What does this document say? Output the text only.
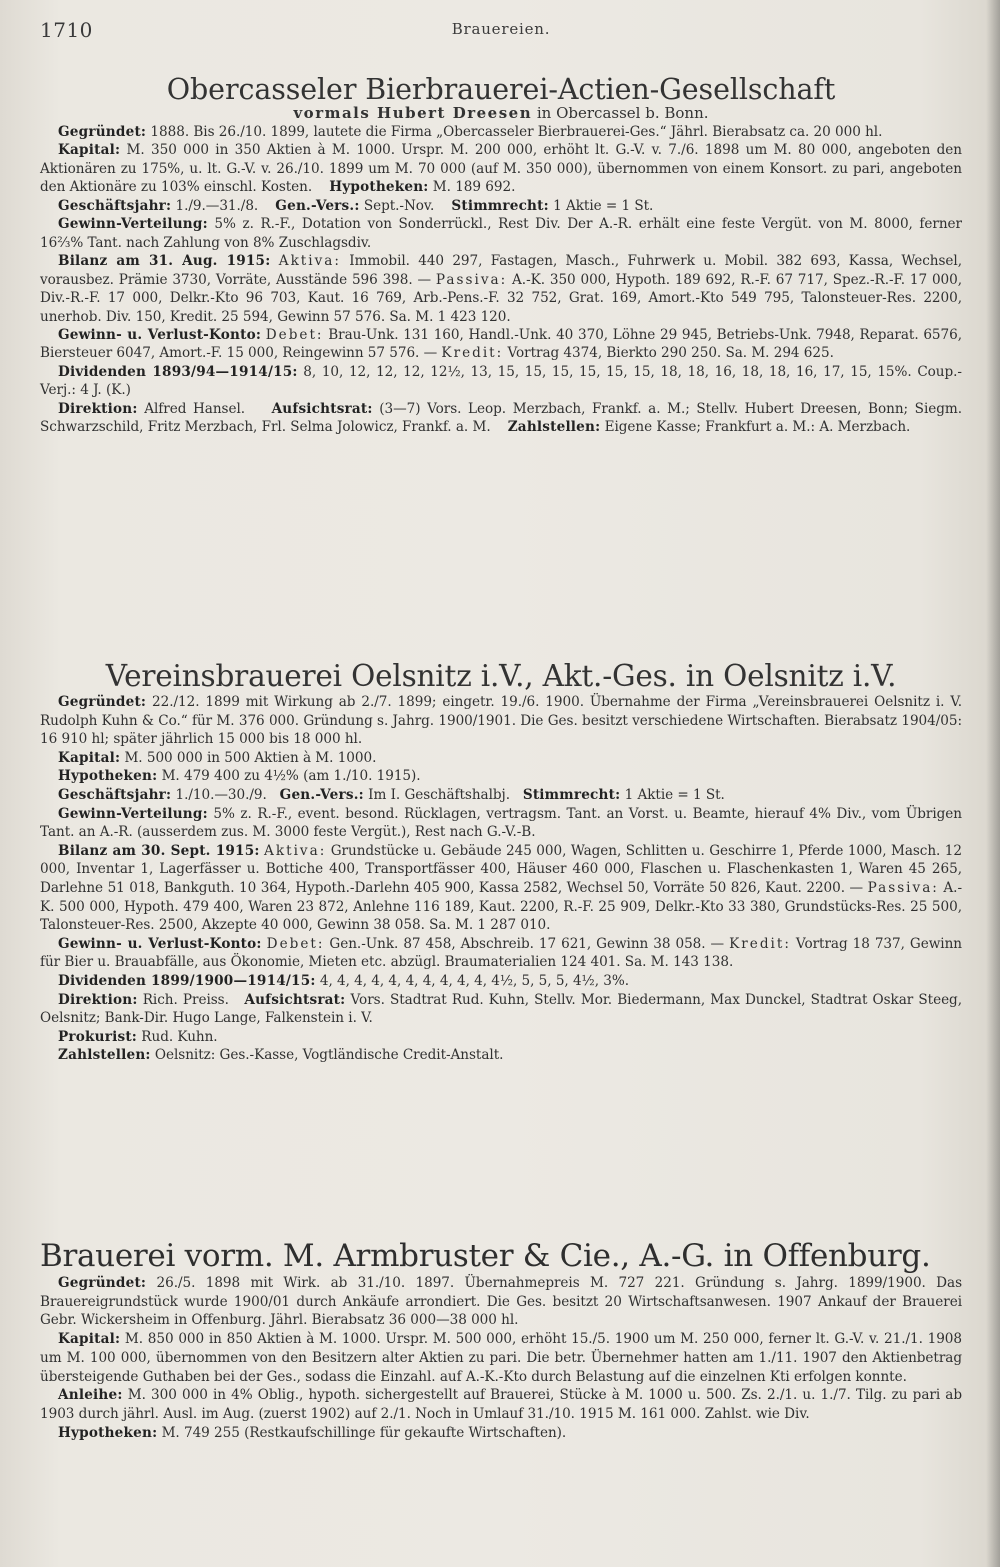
1710	Brauereien.
Obercasseler Bierbrauerei-Actien-Gesellschaft
vormals Hubert Dreesen in Obercassel b. Bonn.

Gegründet: 1888. Bis 26./10. 1899, lautete die Firma „Obercasseler Bierbrauerei-Ges.“ Jährl. Bierabsatz ca. 20 000 hl.

Kapital: M. 350 000 in 350 Aktien à M. 1000. Urspr. M. 200 000, erhöht lt. G.-V. v. 7./6. 1898 um M. 80 000, angeboten den Aktionären zu 175%, u. lt. G.-V. v. 26./10. 1899 um M. 70 000 (auf M. 350 000), übernommen von einem Konsort. zu pari, angeboten den Aktionäre zu 103% einschl. Kosten. Hypotheken: M. 189 692.

Geschäftsjahr: 1./9.—31./8. Gen.-Vers.: Sept.-Nov. Stimmrecht: 1 Aktie = 1 St.

Gewinn-Verteilung: 5% z. R.-F., Dotation von Sonderrückl., Rest Div. Der A.-R. erhält eine feste Vergüt. von M. 8000, ferner 16⅔% Tant. nach Zahlung von 8% Zuschlagsdiv.

Bilanz am 31. Aug. 1915: Aktiva: Immobil. 440 297, Fastagen, Masch., Fuhrwerk u. Mobil. 382 693, Kassa, Wechsel, vorausbez. Prämie 3730, Vorräte, Ausstände 596 398. — Passiva: A.-K. 350 000, Hypoth. 189 692, R.-F. 67 717, Spez.-R.-F. 17 000, Div.-R.-F. 17 000, Delkr.-Kto 96 703, Kaut. 16 769, Arb.-Pens.-F. 32 752, Grat. 169, Amort.-Kto 549 795, Talonsteuer-Res. 2200, unerhob. Div. 150, Kredit. 25 594, Gewinn 57 576. Sa. M. 1 423 120.

Gewinn- u. Verlust-Konto: Debet: Brau-Unk. 131 160, Handl.-Unk. 40 370, Löhne 29 945, Betriebs-Unk. 7948, Reparat. 6576, Biersteuer 6047, Amort.-F. 15 000, Reingewinn 57 576. — Kredit: Vortrag 4374, Bierkto 290 250. Sa. M. 294 625.

Dividenden 1893/94—1914/15: 8, 10, 12, 12, 12, 12½, 13, 15, 15, 15, 15, 15, 15, 18, 18, 16, 18, 18, 16, 17, 15, 15%. Coup.-Verj.: 4 J. (K.)

Direktion: Alfred Hansel. Aufsichtsrat: (3—7) Vors. Leop. Merzbach, Frankf. a. M.; Stellv. Hubert Dreesen, Bonn; Siegm. Schwarzschild, Fritz Merzbach, Frl. Selma Jolowicz, Frankf. a. M. Zahlstellen: Eigene Kasse; Frankfurt a. M.: A. Merzbach.

Vereinsbrauerei Oelsnitz i.V., Akt.-Ges. in Oelsnitz i.V.

Gegründet: 22./12. 1899 mit Wirkung ab 2./7. 1899; eingetr. 19./6. 1900. Übernahme der Firma „Vereinsbrauerei Oelsnitz i. V. Rudolph Kuhn & Co.“ für M. 376 000. Gründung s. Jahrg. 1900/1901. Die Ges. besitzt verschiedene Wirtschaften. Bierabsatz 1904/05: 16 910 hl; später jährlich 15 000 bis 18 000 hl.

Kapital: M. 500 000 in 500 Aktien à M. 1000.

Hypotheken: M. 479 400 zu 4½% (am 1./10. 1915).

Geschäftsjahr: 1./10.—30./9. Gen.-Vers.: Im I. Geschäftshalbj. Stimmrecht: 1 Aktie = 1 St.

Gewinn-Verteilung: 5% z. R.-F., event. besond. Rücklagen, vertragsm. Tant. an Vorst. u. Beamte, hierauf 4% Div., vom Übrigen Tant. an A.-R. (ausserdem zus. M. 3000 feste Vergüt.), Rest nach G.-V.-B.

Bilanz am 30. Sept. 1915: Aktiva: Grundstücke u. Gebäude 245 000, Wagen, Schlitten u. Geschirre 1, Pferde 1000, Masch. 12 000, Inventar 1, Lagerfässer u. Bottiche 400, Transportfässer 400, Häuser 460 000, Flaschen u. Flaschenkasten 1, Waren 45 265, Darlehne 51 018, Bankguth. 10 364, Hypoth.-Darlehn 405 900, Kassa 2582, Wechsel 50, Vorräte 50 826, Kaut. 2200. — Passiva: A.-K. 500 000, Hypoth. 479 400, Waren 23 872, Anlehne 116 189, Kaut. 2200, R.-F. 25 909, Delkr.-Kto 33 380, Grundstücks-Res. 25 500, Talonsteuer-Res. 2500, Akzepte 40 000, Gewinn 38 058. Sa. M. 1 287 010.

Gewinn- u. Verlust-Konto: Debet: Gen.-Unk. 87 458, Abschreib. 17 621, Gewinn 38 058. — Kredit: Vortrag 18 737, Gewinn für Bier u. Brauabfälle, aus Ökonomie, Mieten etc. abzügl. Braumaterialien 124 401. Sa. M. 143 138.

Dividenden 1899/1900—1914/15: 4, 4, 4, 4, 4, 4, 4, 4, 4, 4, 4½, 5, 5, 5, 4½, 3%.

Direktion: Rich. Preiss. Aufsichtsrat: Vors. Stadtrat Rud. Kuhn, Stellv. Mor. Biedermann, Max Dunckel, Stadtrat Oskar Steeg, Oelsnitz; Bank-Dir. Hugo Lange, Falkenstein i. V.

Prokurist: Rud. Kuhn.

Zahlstellen: Oelsnitz: Ges.-Kasse, Vogtländische Credit-Anstalt.

Brauerei vorm. M. Armbruster & Cie., A.-G. in Offenburg.

Gegründet: 26./5. 1898 mit Wirk. ab 31./10. 1897. Übernahmepreis M. 727 221. Gründung s. Jahrg. 1899/1900. Das Brauereigrundstück wurde 1900/01 durch Ankäufe arrondiert. Die Ges. besitzt 20 Wirtschaftsanwesen. 1907 Ankauf der Brauerei Gebr. Wickersheim in Offenburg. Jährl. Bierabsatz 36 000—38 000 hl.

Kapital: M. 850 000 in 850 Aktien à M. 1000. Urspr. M. 500 000, erhöht 15./5. 1900 um M. 250 000, ferner lt. G.-V. v. 21./1. 1908 um M. 100 000, übernommen von den Besitzern alter Aktien zu pari. Die betr. Übernehmer hatten am 1./11. 1907 den Aktienbetrag übersteigende Guthaben bei der Ges., sodass die Einzahl. auf A.-K.-Kto durch Belastung auf die einzelnen Kti erfolgen konnte.

Anleihe: M. 300 000 in 4% Oblig., hypoth. sichergestellt auf Brauerei, Stücke à M. 1000 u. 500. Zs. 2./1. u. 1./7. Tilg. zu pari ab 1903 durch jährl. Ausl. im Aug. (zuerst 1902) auf 2./1. Noch in Umlauf 31./10. 1915 M. 161 000. Zahlst. wie Div.

Hypotheken: M. 749 255 (Restkaufschillinge für gekaufte Wirtschaften).
